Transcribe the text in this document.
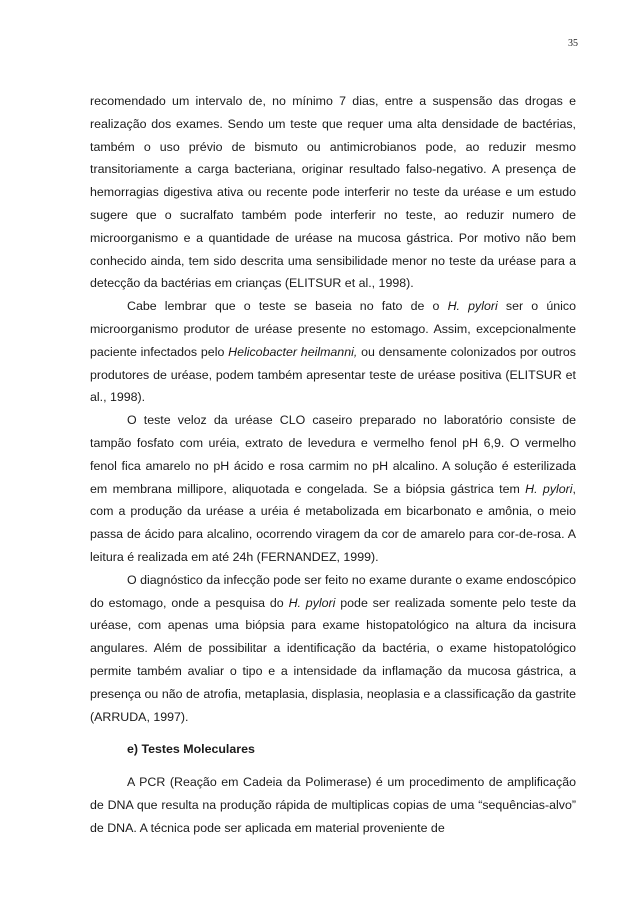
35

recomendado um intervalo de, no mínimo 7 dias, entre a suspensão das drogas e realização dos exames. Sendo um teste que requer uma alta densidade de bactérias, também o uso prévio de bismuto ou antimicrobianos pode, ao reduzir mesmo transitoriamente a carga bacteriana, originar resultado falso-negativo. A presença de hemorragias digestiva ativa ou recente pode interferir no teste da uréase e um estudo sugere que o sucralfato também pode interferir no teste, ao reduzir numero de microorganismo e a quantidade de uréase na mucosa gástrica. Por motivo não bem conhecido ainda, tem sido descrita uma sensibilidade menor no teste da uréase para a detecção da bactérias em crianças (ELITSUR et al., 1998).

Cabe lembrar que o teste se baseia no fato de o H. pylori ser o único microorganismo produtor de uréase presente no estomago. Assim, excepcionalmente paciente infectados pelo Helicobacter heilmanni, ou densamente colonizados por outros produtores de uréase, podem também apresentar teste de uréase positiva (ELITSUR et al., 1998).

O teste veloz da uréase CLO caseiro preparado no laboratório consiste de tampão fosfato com uréia, extrato de levedura e vermelho fenol pH 6,9. O vermelho fenol fica amarelo no pH ácido e rosa carmim no pH alcalino. A solução é esterilizada em membrana millipore, aliquotada e congelada. Se a biópsia gástrica tem H. pylori, com a produção da uréase a uréia é metabolizada em bicarbonato e amônia, o meio passa de ácido para alcalino, ocorrendo viragem da cor de amarelo para cor-de-rosa. A leitura é realizada em até 24h (FERNANDEZ, 1999).

O diagnóstico da infecção pode ser feito no exame durante o exame endoscópico do estomago, onde a pesquisa do H. pylori pode ser realizada somente pelo teste da uréase, com apenas uma biópsia para exame histopatológico na altura da incisura angulares. Além de possibilitar a identificação da bactéria, o exame histopatológico permite também avaliar o tipo e a intensidade da inflamação da mucosa gástrica, a presença ou não de atrofia, metaplasia, displasia, neoplasia e a classificação da gastrite (ARRUDA, 1997).

e) Testes Moleculares

A PCR (Reação em Cadeia da Polimerase) é um procedimento de amplificação de DNA que resulta na produção rápida de multiplicas copias de uma “sequências-alvo” de DNA. A técnica pode ser aplicada em material proveniente de
